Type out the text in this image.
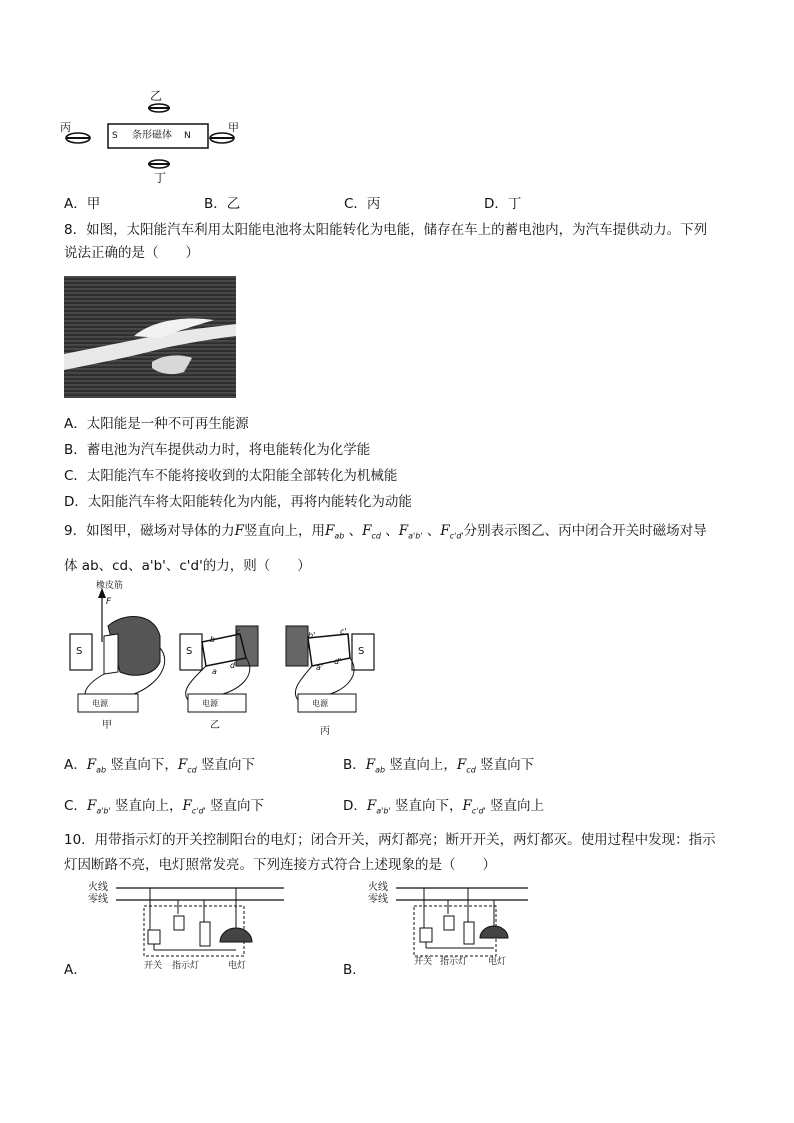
乙
丙	甲
丁
S 条形磁体 N
A．甲	B．乙	C．丙	D．丁
8．如图，太阳能汽车利用太阳能电池将太阳能转化为电能，储存在车上的蓄电池内，为汽车提供动力。下列
说法正确的是（　　）
A．太阳能是一种不可再生能源
B．蓄电池为汽车提供动力时，将电能转化为化学能
C．太阳能汽车不能将接收到的太阳能全部转化为机械能
D．太阳能汽车将太阳能转化为内能，再将内能转化为动能
9．如图甲，磁场对导体的力F竖直向上，用$F_{ab}$ 、$F_{cd}$ 、$F_{a'b'}$ 、$F_{c'd'}$分别表示图乙、丙中闭合开关时磁场对导
体 ab、cd、a'b'、c'd'的力，则（　　）
橡皮筋
F
S	S	S
电源	电源	电源
甲	乙
丙
b
c
a
d
b'	c'
a'
d'
A．$F_{ab}$ 竖直向下，$F_{cd}$ 竖直向下	B．$F_{ab}$ 竖直向上，$F_{cd}$ 竖直向下
C．$F_{a'b'}$ 竖直向上，$F_{c'd'}$ 竖直向下	D．$F_{a'b'}$ 竖直向下，$F_{c'd'}$ 竖直向上
10．用带指示灯的开关控制阳台的电灯；闭合开关，两灯都亮；断开开关，两灯都灭。使用过程中发现：指示
灯因断路不亮，电灯照常发亮。下列连接方式符合上述现象的是（　　）
火线
零线
开关 指示灯	电灯
A．
火线
零线
开关 指示灯 电灯
B．
